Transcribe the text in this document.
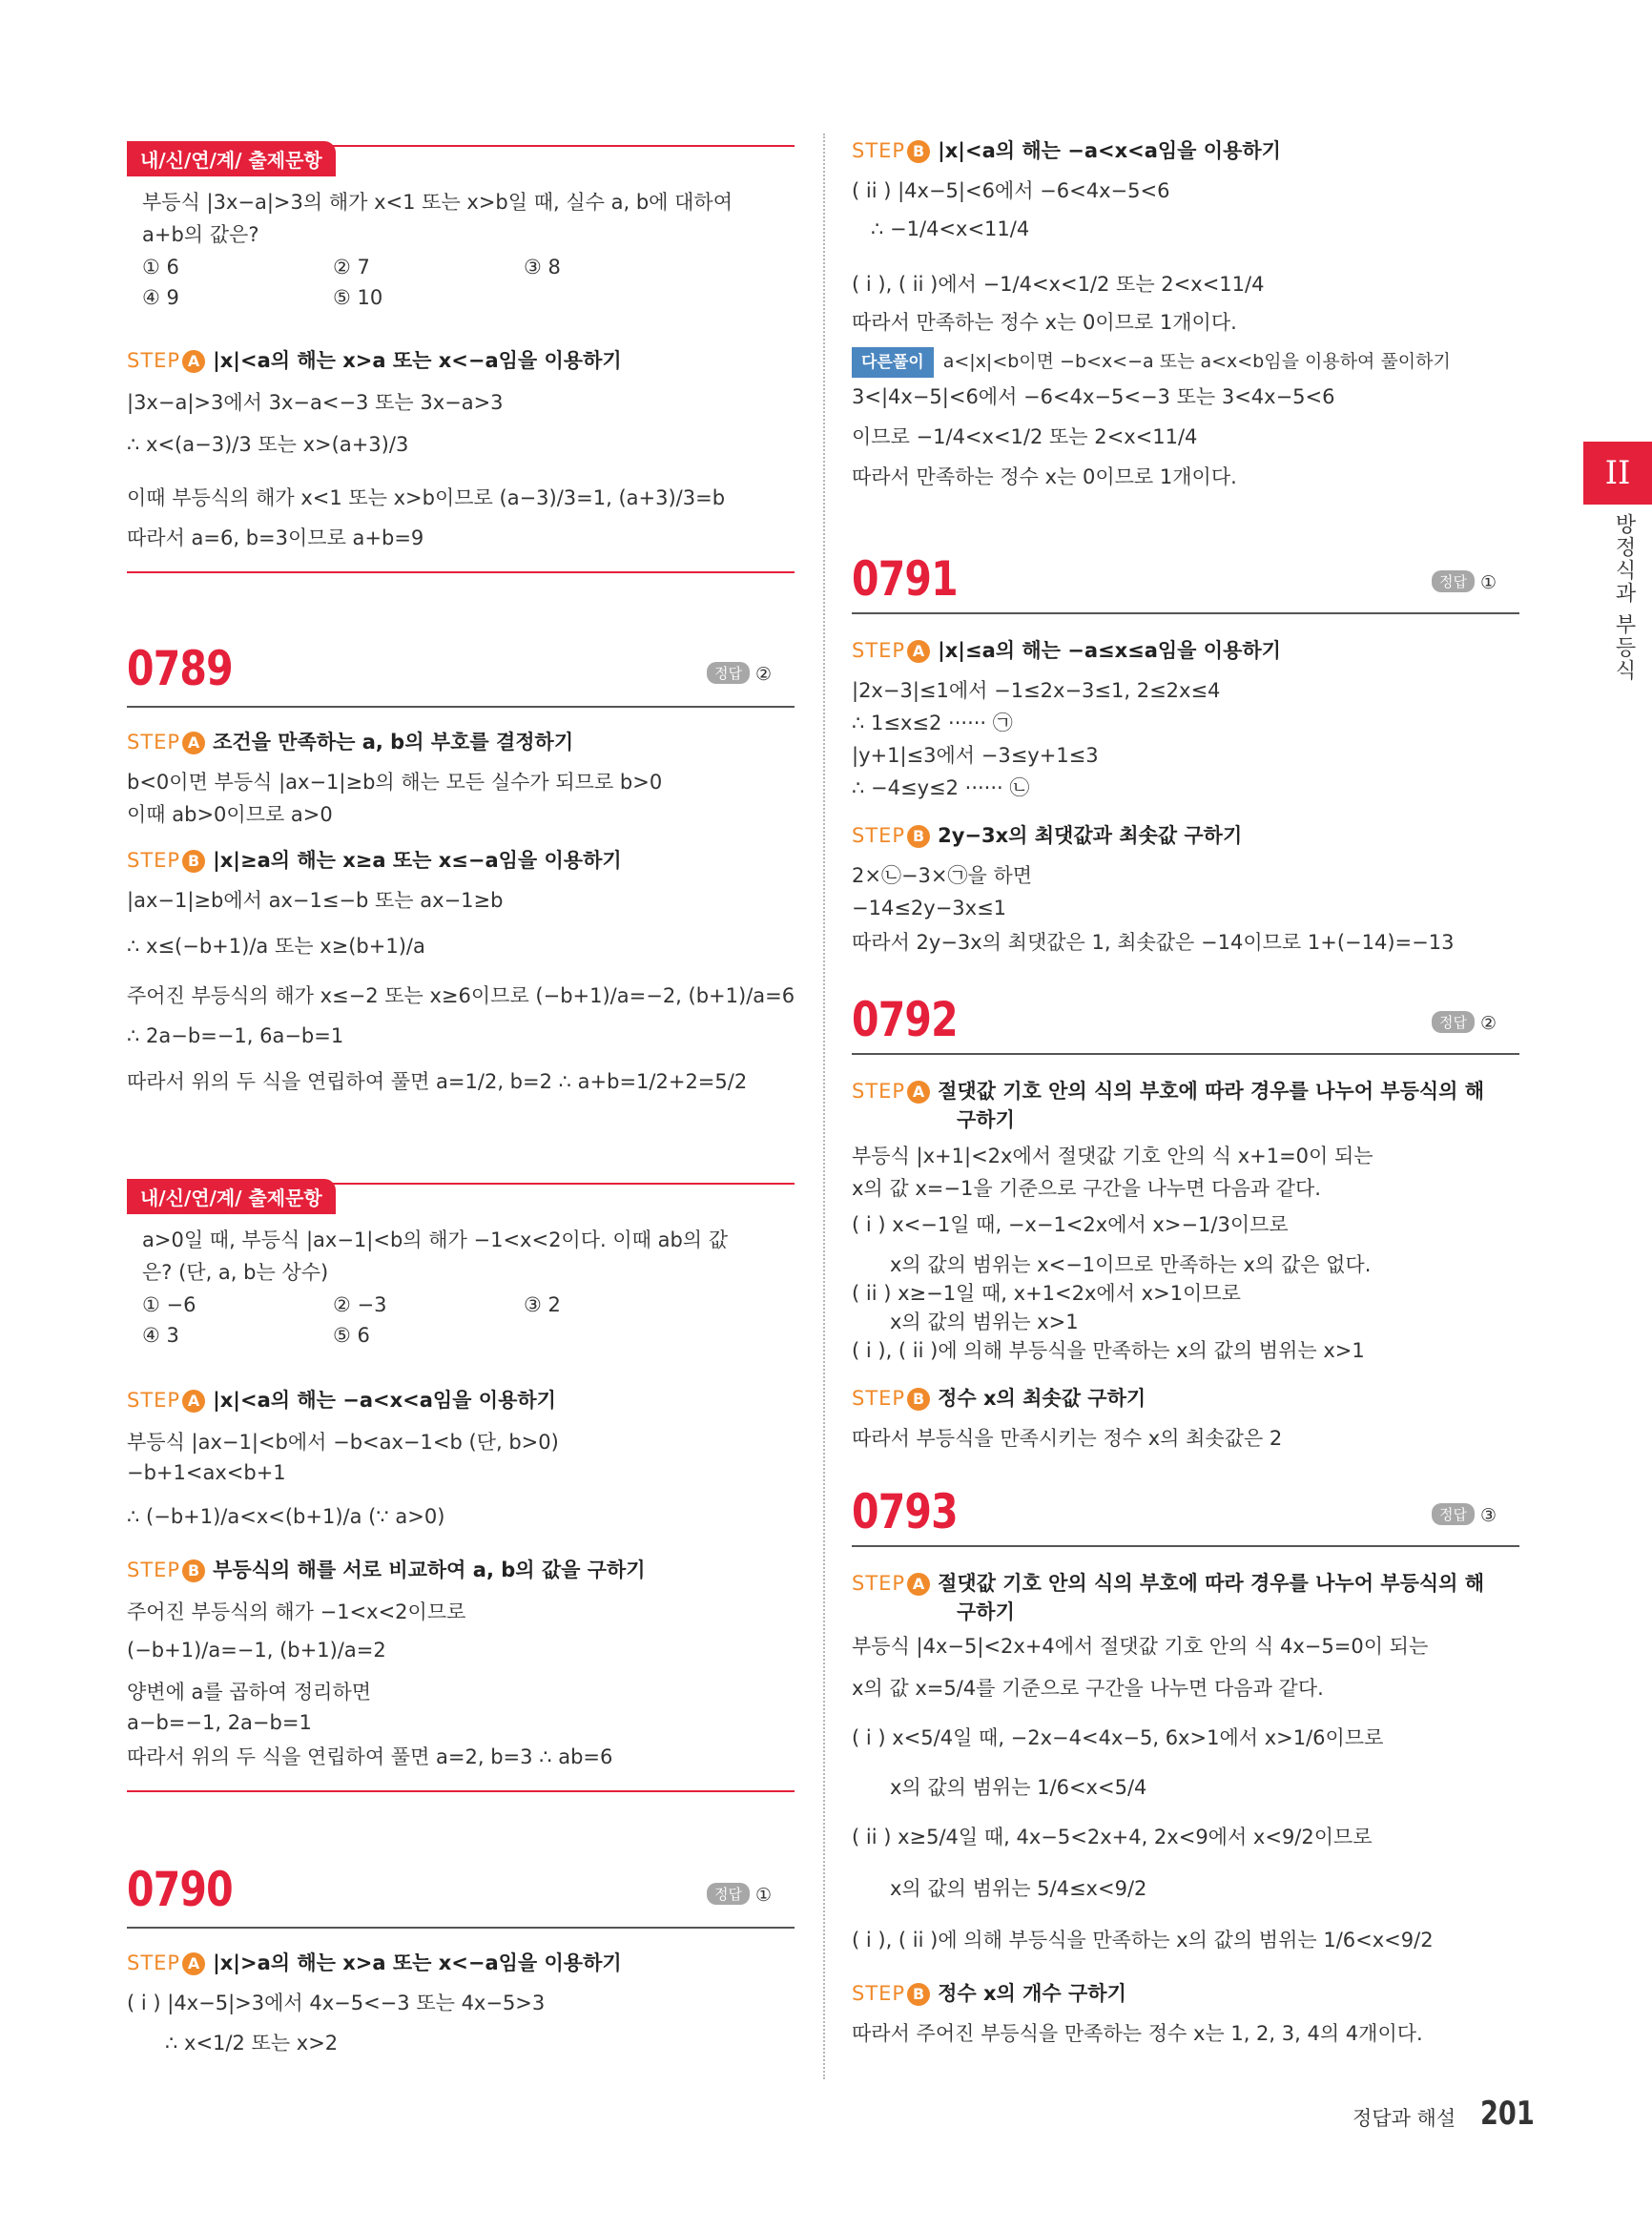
내/신/연/계/ 출제문항
부등식 |3x−a|>3의 해가 x<1 또는 x>b일 때, 실수 a, b에 대하여
a+b의 값은?
① 6	② 7	③ 8
④ 9	⑤ 10
STEP A |x|<a의 해는 x>a 또는 x<−a임을 이용하기
|3x−a|>3에서 3x−a<−3 또는 3x−a>3
∴ x<(a−3)/3 또는 x>(a+3)/3
이때 부등식의 해가 x<1 또는 x>b이므로 (a−3)/3=1, (a+3)/3=b
따라서 a=6, b=3이므로 a+b=9
0789	정답 ②
STEP A 조건을 만족하는 a, b의 부호를 결정하기
b<0이면 부등식 |ax−1|≥b의 해는 모든 실수가 되므로 b>0
이때 ab>0이므로 a>0
STEP B |x|≥a의 해는 x≥a 또는 x≤−a임을 이용하기
|ax−1|≥b에서 ax−1≤−b 또는 ax−1≥b
∴ x≤(−b+1)/a 또는 x≥(b+1)/a
주어진 부등식의 해가 x≤−2 또는 x≥6이므로 (−b+1)/a=−2, (b+1)/a=6
∴ 2a−b=−1, 6a−b=1
따라서 위의 두 식을 연립하여 풀면 a=1/2, b=2 ∴ a+b=1/2+2=5/2
내/신/연/계/ 출제문항
a>0일 때, 부등식 |ax−1|<b의 해가 −1<x<2이다. 이때 ab의 값
은? (단, a, b는 상수)
① −6	② −3	③ 2
④ 3	⑤ 6
STEP A |x|<a의 해는 −a<x<a임을 이용하기
부등식 |ax−1|<b에서 −b<ax−1<b (단, b>0)
−b+1<ax<b+1
∴ (−b+1)/a<x<(b+1)/a (∵ a>0)
STEP B 부등식의 해를 서로 비교하여 a, b의 값을 구하기
주어진 부등식의 해가 −1<x<2이므로
(−b+1)/a=−1, (b+1)/a=2
양변에 a를 곱하여 정리하면
a−b=−1, 2a−b=1
따라서 위의 두 식을 연립하여 풀면 a=2, b=3 ∴ ab=6
0790	정답 ①
STEP A |x|>a의 해는 x>a 또는 x<−a임을 이용하기
( i ) |4x−5|>3에서 4x−5<−3 또는 4x−5>3
∴ x<1/2 또는 x>2
STEP B |x|<a의 해는 −a<x<a임을 이용하기
( ii ) |4x−5|<6에서 −6<4x−5<6
∴ −1/4<x<11/4
( i ), ( ii )에서 −1/4<x<1/2 또는 2<x<11/4
따라서 만족하는 정수 x는 0이므로 1개이다.
다른풀이 a<|x|<b이면 −b<x<−a 또는 a<x<b임을 이용하여 풀이하기
3<|4x−5|<6에서 −6<4x−5<−3 또는 3<4x−5<6
이므로 −1/4<x<1/2 또는 2<x<11/4
따라서 만족하는 정수 x는 0이므로 1개이다.
0791	정답 ①
STEP A |x|≤a의 해는 −a≤x≤a임을 이용하기
|2x−3|≤1에서 −1≤2x−3≤1, 2≤2x≤4
∴ 1≤x≤2 ······ ㉠
|y+1|≤3에서 −3≤y+1≤3
∴ −4≤y≤2 ······ ㉡
STEP B 2y−3x의 최댓값과 최솟값 구하기
2×㉡−3×㉠을 하면
−14≤2y−3x≤1
따라서 2y−3x의 최댓값은 1, 최솟값은 −14이므로 1+(−14)=−13
0792	정답 ②
STEP A 절댓값 기호 안의 식의 부호에 따라 경우를 나누어 부등식의 해
구하기
부등식 |x+1|<2x에서 절댓값 기호 안의 식 x+1=0이 되는
x의 값 x=−1을 기준으로 구간을 나누면 다음과 같다.
( i ) x<−1일 때, −x−1<2x에서 x>−1/3이므로
x의 값의 범위는 x<−1이므로 만족하는 x의 값은 없다.
( ii ) x≥−1일 때, x+1<2x에서 x>1이므로
x의 값의 범위는 x>1
( i ), ( ii )에 의해 부등식을 만족하는 x의 값의 범위는 x>1
STEP B 정수 x의 최솟값 구하기
따라서 부등식을 만족시키는 정수 x의 최솟값은 2
0793	정답 ③
STEP A 절댓값 기호 안의 식의 부호에 따라 경우를 나누어 부등식의 해
구하기
부등식 |4x−5|<2x+4에서 절댓값 기호 안의 식 4x−5=0이 되는
x의 값 x=5/4를 기준으로 구간을 나누면 다음과 같다.
( i ) x<5/4일 때, −2x−4<4x−5, 6x>1에서 x>1/6이므로
x의 값의 범위는 1/6<x<5/4
( ii ) x≥5/4일 때, 4x−5<2x+4, 2x<9에서 x<9/2이므로
x의 값의 범위는 5/4≤x<9/2
( i ), ( ii )에 의해 부등식을 만족하는 x의 값의 범위는 1/6<x<9/2
STEP B 정수 x의 개수 구하기
따라서 주어진 부등식을 만족하는 정수 x는 1, 2, 3, 4의 4개이다.
II
방정식과 부등식
정답과 해설 201
